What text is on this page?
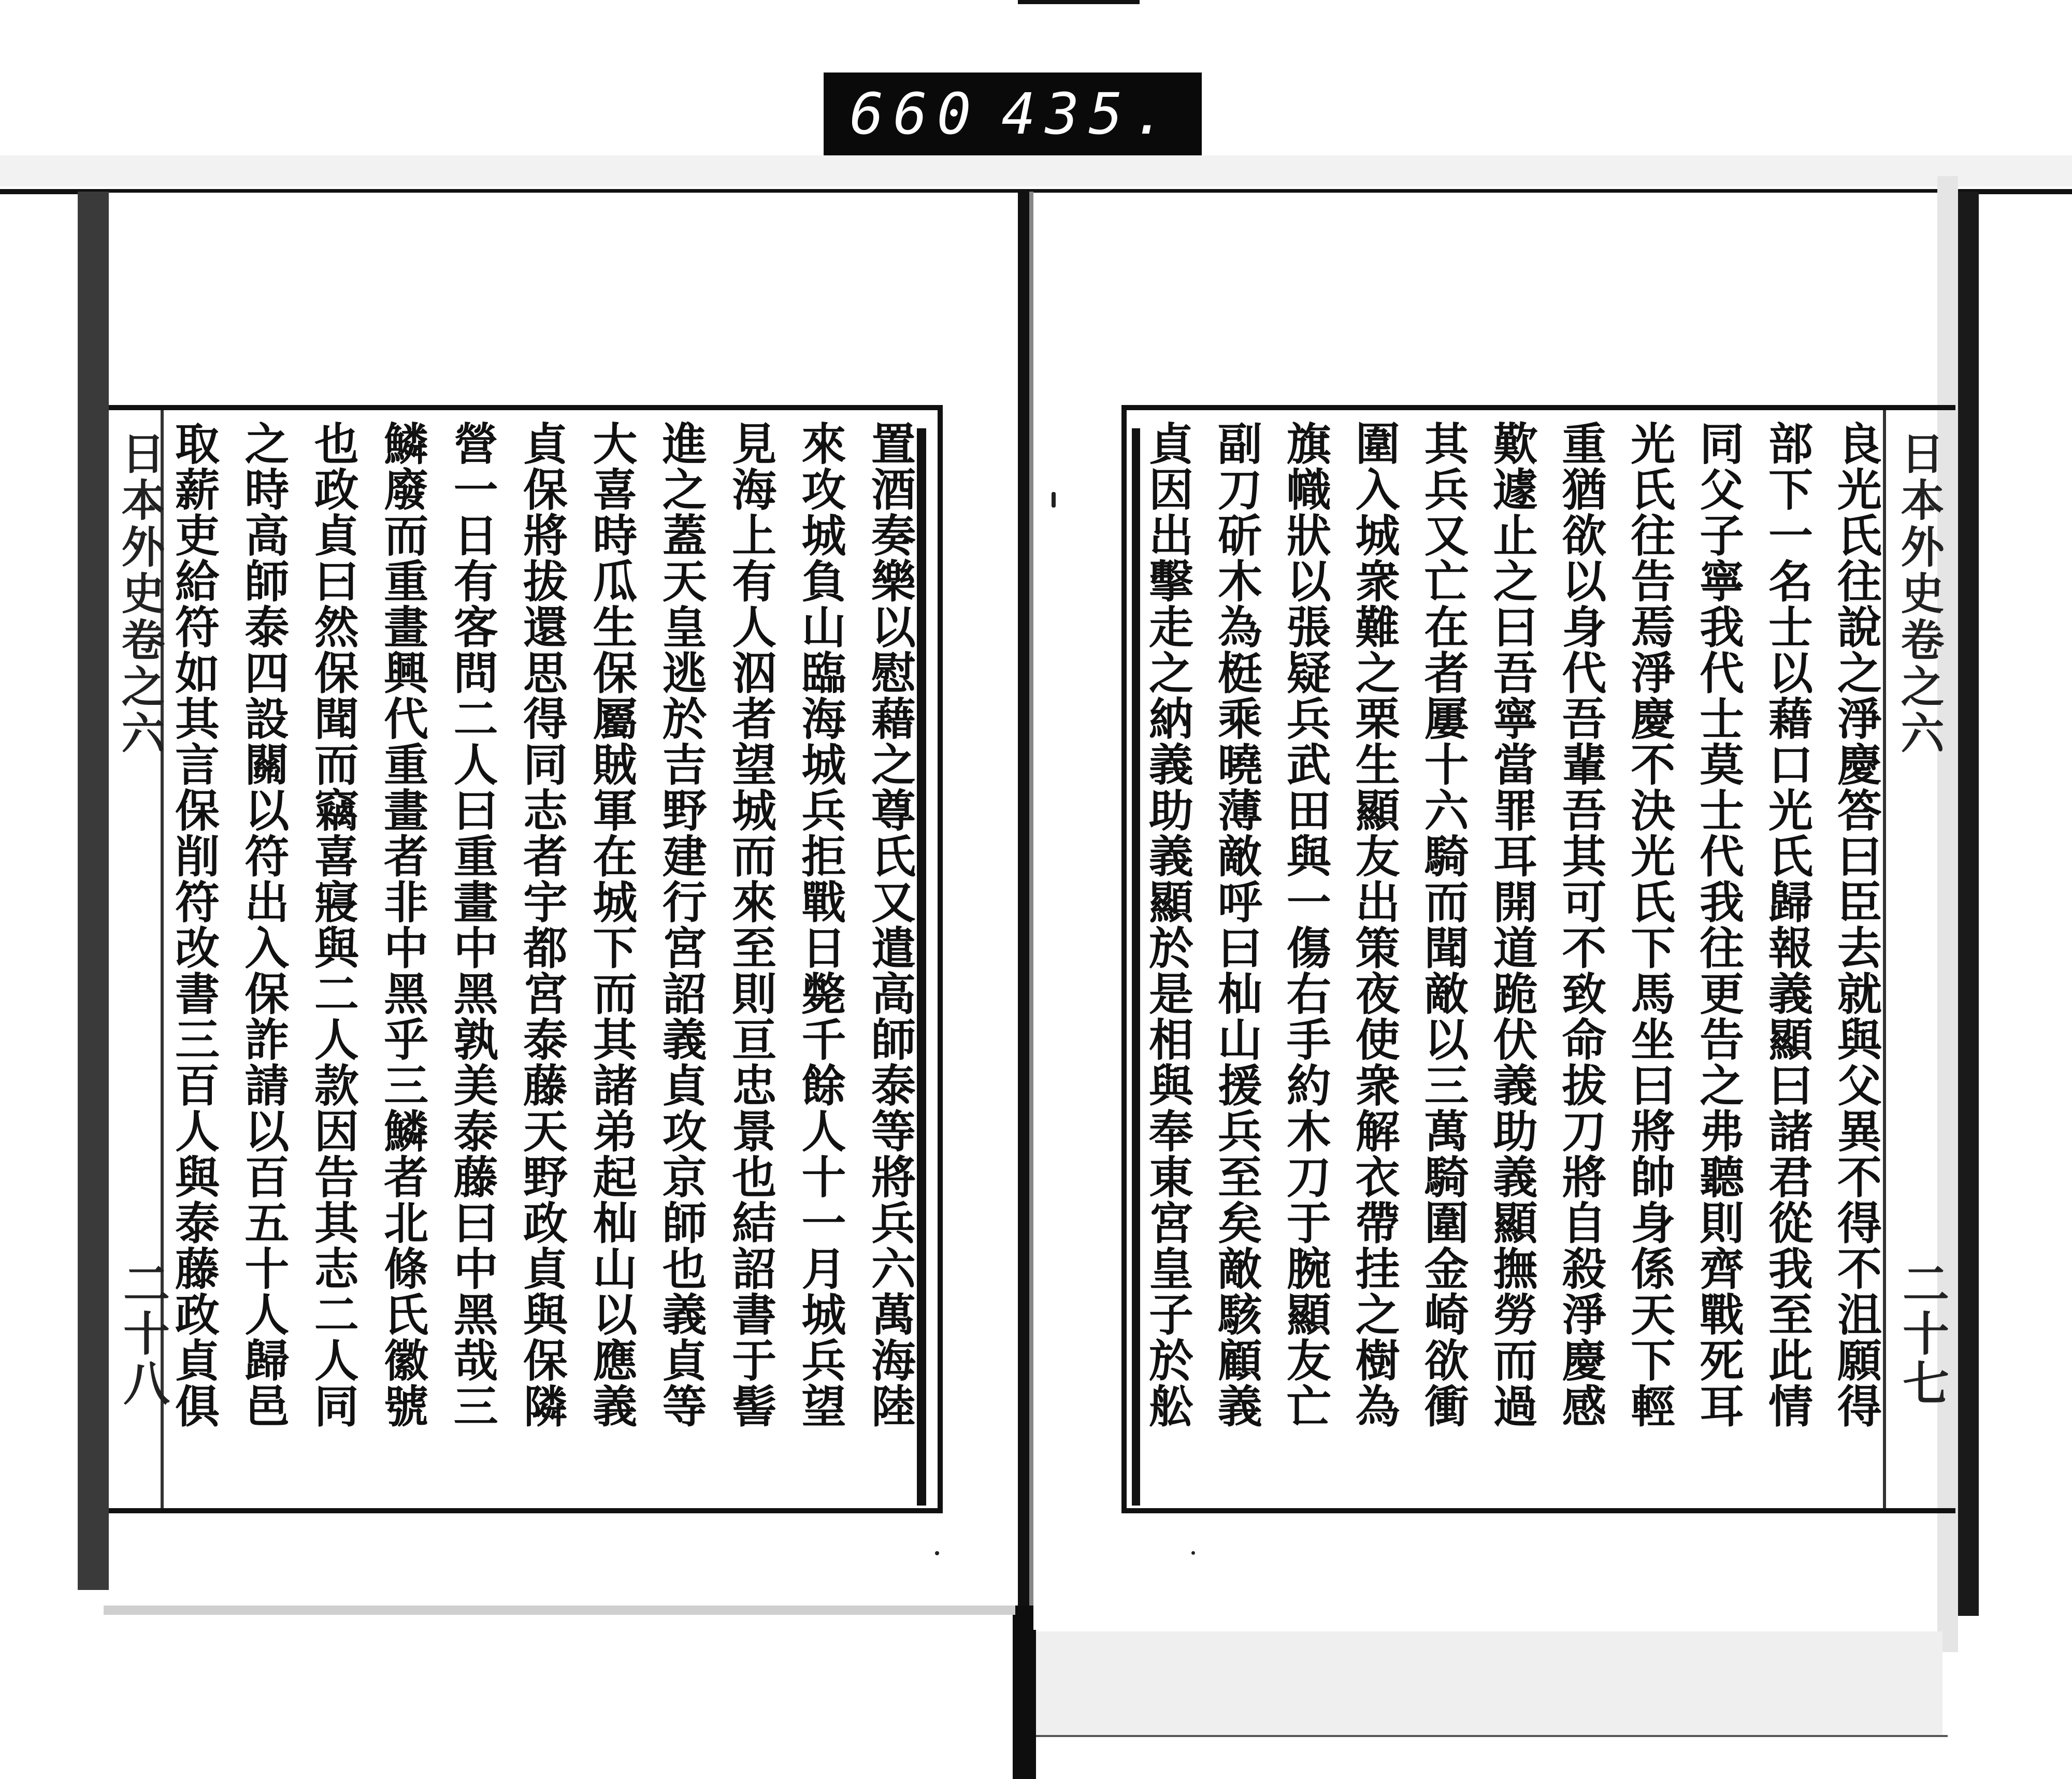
660 435.
日本外史卷之六
二十八	置酒奏樂以慰藉之尊氏又遣高師泰等將兵六萬海陸
來攻城負山臨海城兵拒戰日斃千餘人十一月城兵望
見海上有人泅者望城而來至則亘忠景也結詔書于髻
進之蓋天皇逃於吉野建行宮詔義貞攻京師也義貞等
大喜時瓜生保屬賊軍在城下而其諸弟起杣山以應義
貞保將拔還思得同志者宇都宮泰藤天野政貞與保隣
營一日有客問二人曰重畫中黑孰美泰藤曰中黑哉三
鱗廢而重畫興代重畫者非中黑乎三鱗者北條氏徽號
也政貞曰然保聞而竊喜寢與二人款因告其志二人同
之時高師泰四設關以符出入保詐請以百五十人歸邑
取薪吏給符如其言保削符改書三百人與泰藤政貞俱	日本外史卷之六
二十七
良光氏往說之淨慶答曰臣去就與父異不得不沮願得
部下一名士以藉口光氏歸報義顯曰諸君從我至此情
同父子寧我代士莫士代我往更告之弗聽則齊戰死耳
光氏往告焉淨慶不決光氏下馬坐曰將帥身係天下輕
重猶欲以身代吾輩吾其可不致命拔刀將自殺淨慶感
歎遽止之曰吾寧當罪耳開道跪伏義助義顯撫勞而過
其兵又亡在者屢十六騎而聞敵以三萬騎圍金崎欲衝
圍入城衆難之栗生顯友出策夜使衆解衣帶挂之樹為
旗幟狀以張疑兵武田與一傷右手約木刀于腕顯友亡
副刀斫木為梃乘曉薄敵呼曰杣山援兵至矣敵駭顧義
貞因出擊走之納義助義顯於是相與奉東宮皇子於舩
